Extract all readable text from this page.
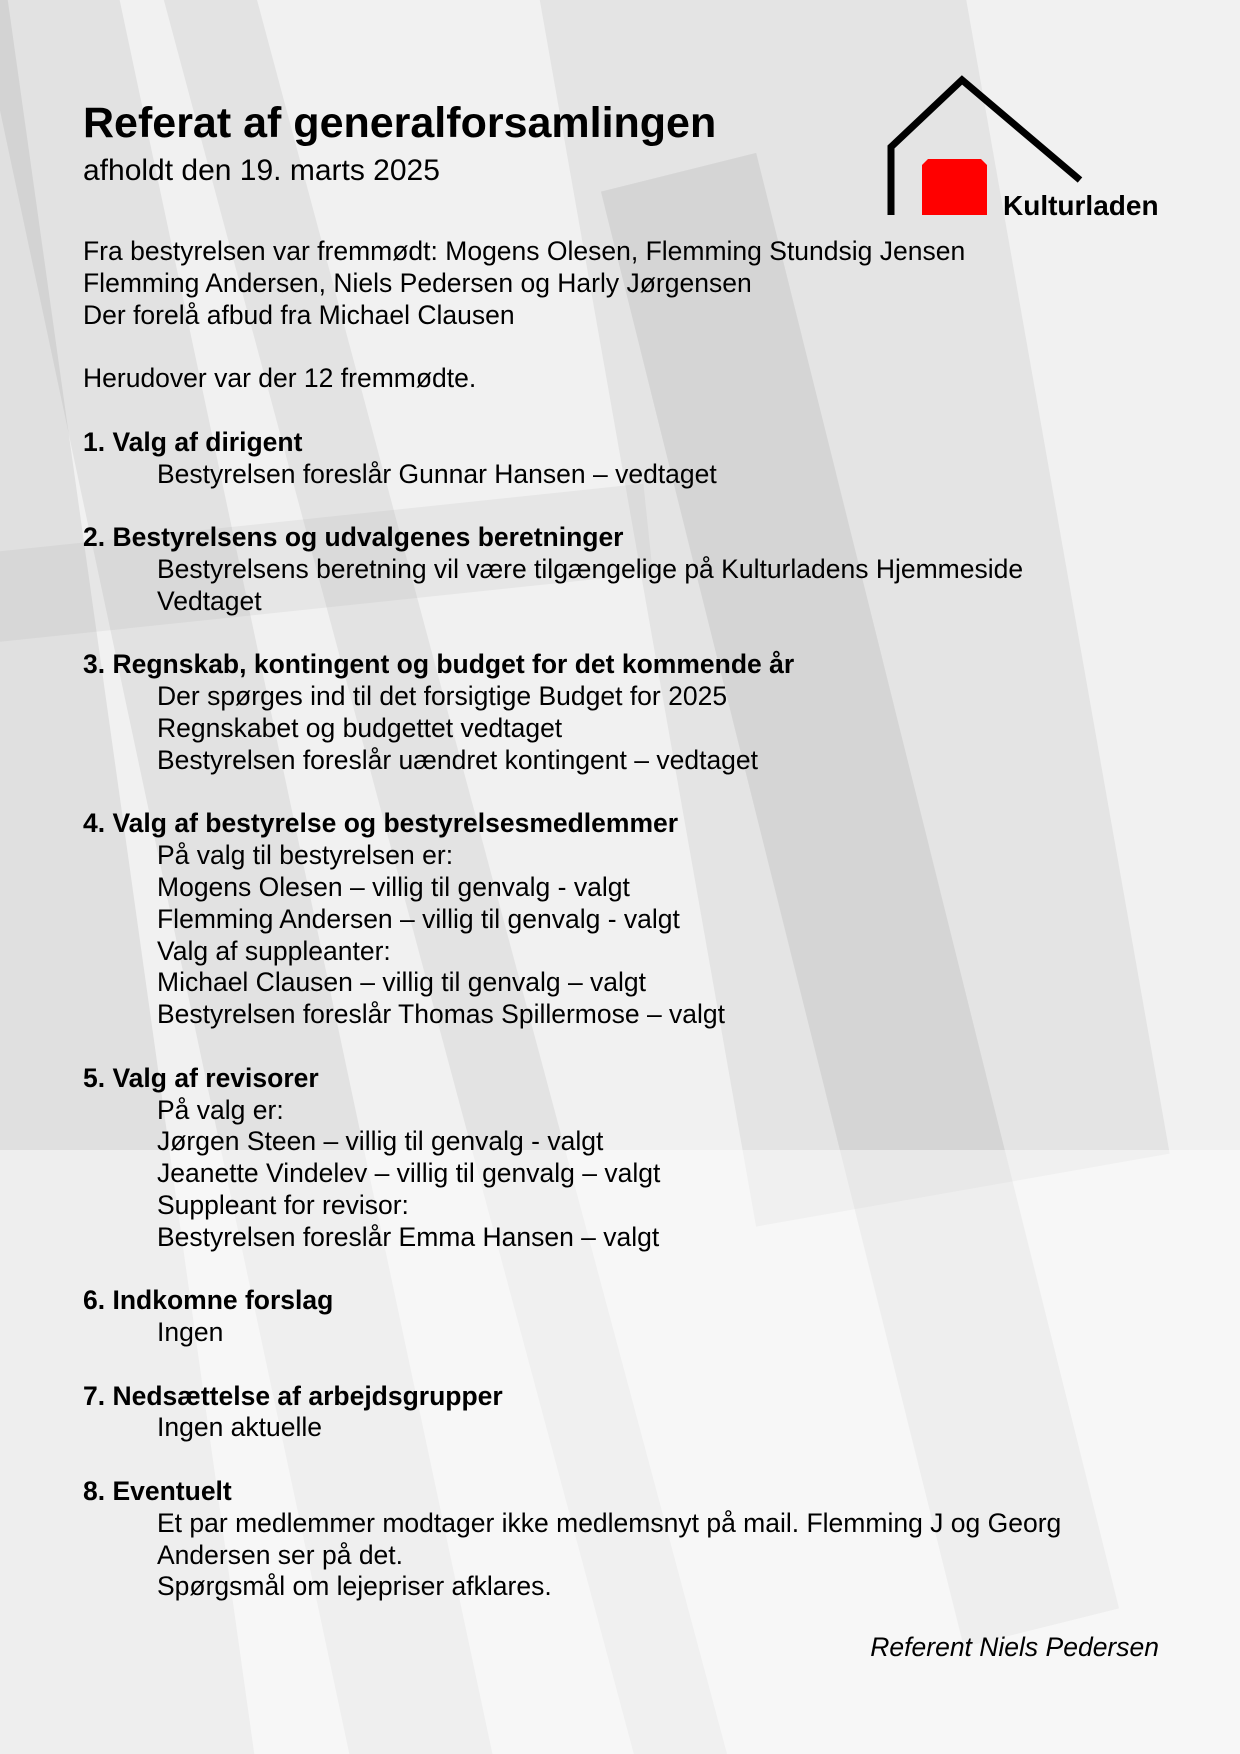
Referat af generalforsamlingen
afholdt den 19. marts 2025
Kulturladen
Fra bestyrelsen var fremmødt: Mogens Olesen, Flemming Stundsig Jensen
Flemming Andersen, Niels Pedersen og Harly Jørgensen
Der forelå afbud fra Michael Clausen
Herudover var der 12 fremmødte.
1. Valg af dirigent
Bestyrelsen foreslår Gunnar Hansen – vedtaget
2. Bestyrelsens og udvalgenes beretninger
Bestyrelsens beretning vil være tilgængelige på Kulturladens Hjemmeside
Vedtaget
3. Regnskab, kontingent og budget for det kommende år
Der spørges ind til det forsigtige Budget for 2025
Regnskabet og budgettet vedtaget
Bestyrelsen foreslår uændret kontingent – vedtaget
4. Valg af bestyrelse og bestyrelsesmedlemmer
På valg til bestyrelsen er:
Mogens Olesen – villig til genvalg - valgt
Flemming Andersen – villig til genvalg - valgt
Valg af suppleanter:
Michael Clausen – villig til genvalg – valgt
Bestyrelsen foreslår Thomas Spillermose – valgt
5. Valg af revisorer
På valg er:
Jørgen Steen – villig til genvalg - valgt
Jeanette Vindelev – villig til genvalg – valgt
Suppleant for revisor:
Bestyrelsen foreslår Emma Hansen – valgt
6. Indkomne forslag
Ingen
7. Nedsættelse af arbejdsgrupper
Ingen aktuelle
8. Eventuelt
Et par medlemmer modtager ikke medlemsnyt på mail. Flemming J og Georg
Andersen ser på det.
Spørgsmål om lejepriser afklares.
Referent Niels Pedersen
